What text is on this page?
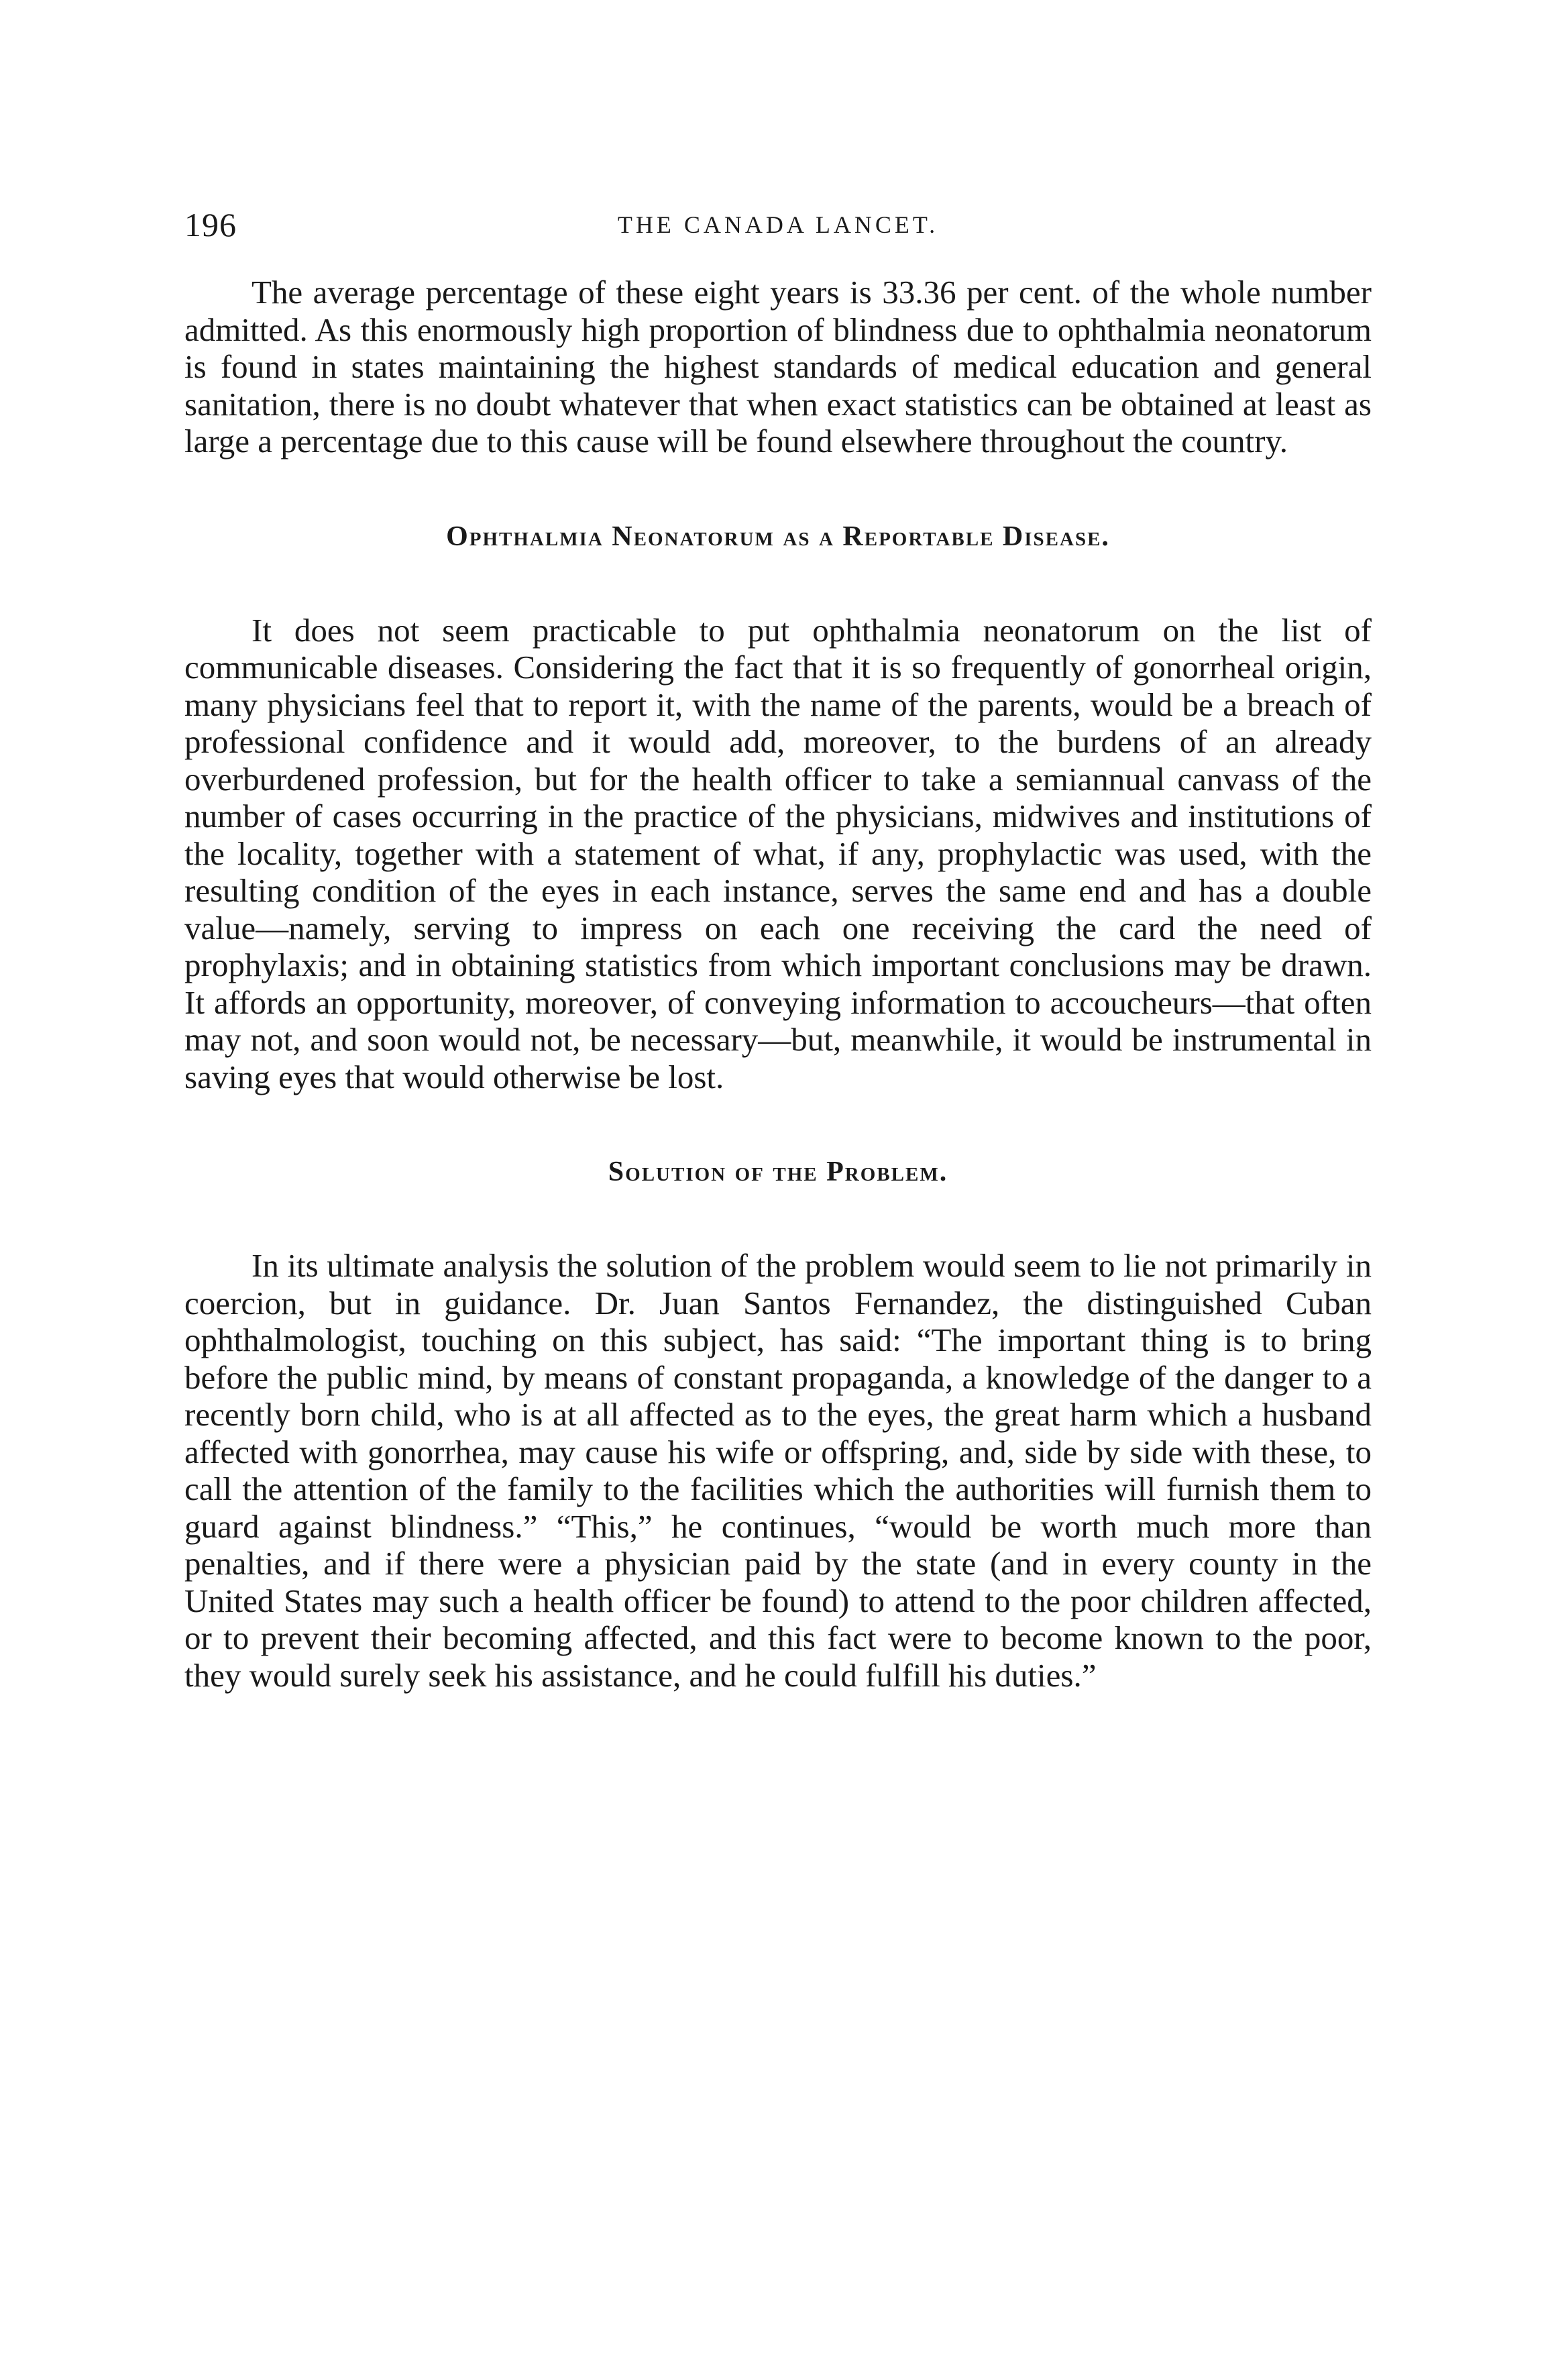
196	THE CANADA LANCET.

The average percentage of these eight years is 33.36 per cent. of the whole number admitted. As this enormously high proportion of blindness due to ophthalmia neonatorum is found in states maintaining the highest standards of medical education and general sanitation, there is no doubt whatever that when exact statistics can be obtained at least as large a percentage due to this cause will be found elsewhere throughout the country.

Ophthalmia Neonatorum as a Reportable Disease.

It does not seem practicable to put ophthalmia neonatorum on the list of communicable diseases. Considering the fact that it is so frequently of gonorrheal origin, many physicians feel that to report it, with the name of the parents, would be a breach of professional confidence and it would add, moreover, to the burdens of an already overburdened profession, but for the health officer to take a semiannual canvass of the number of cases occurring in the practice of the physicians, midwives and institutions of the locality, together with a statement of what, if any, prophylactic was used, with the resulting condition of the eyes in each instance, serves the same end and has a double value—namely, serving to impress on each one receiving the card the need of prophylaxis; and in obtaining statistics from which important conclusions may be drawn. It affords an opportunity, moreover, of conveying information to accoucheurs—that often may not, and soon would not, be necessary—but, meanwhile, it would be instrumental in saving eyes that would otherwise be lost.

Solution of the Problem.

In its ultimate analysis the solution of the problem would seem to lie not primarily in coercion, but in guidance. Dr. Juan Santos Fernandez, the distinguished Cuban ophthalmologist, touching on this subject, has said: “The important thing is to bring before the public mind, by means of constant propaganda, a knowledge of the danger to a recently born child, who is at all affected as to the eyes, the great harm which a husband affected with gonorrhea, may cause his wife or offspring, and, side by side with these, to call the attention of the family to the facilities which the authorities will furnish them to guard against blindness.” “This,” he continues, “would be worth much more than penalties, and if there were a physician paid by the state (and in every county in the United States may such a health officer be found) to attend to the poor children affected, or to prevent their becoming affected, and this fact were to become known to the poor, they would surely seek his assistance, and he could fulfill his duties.”
